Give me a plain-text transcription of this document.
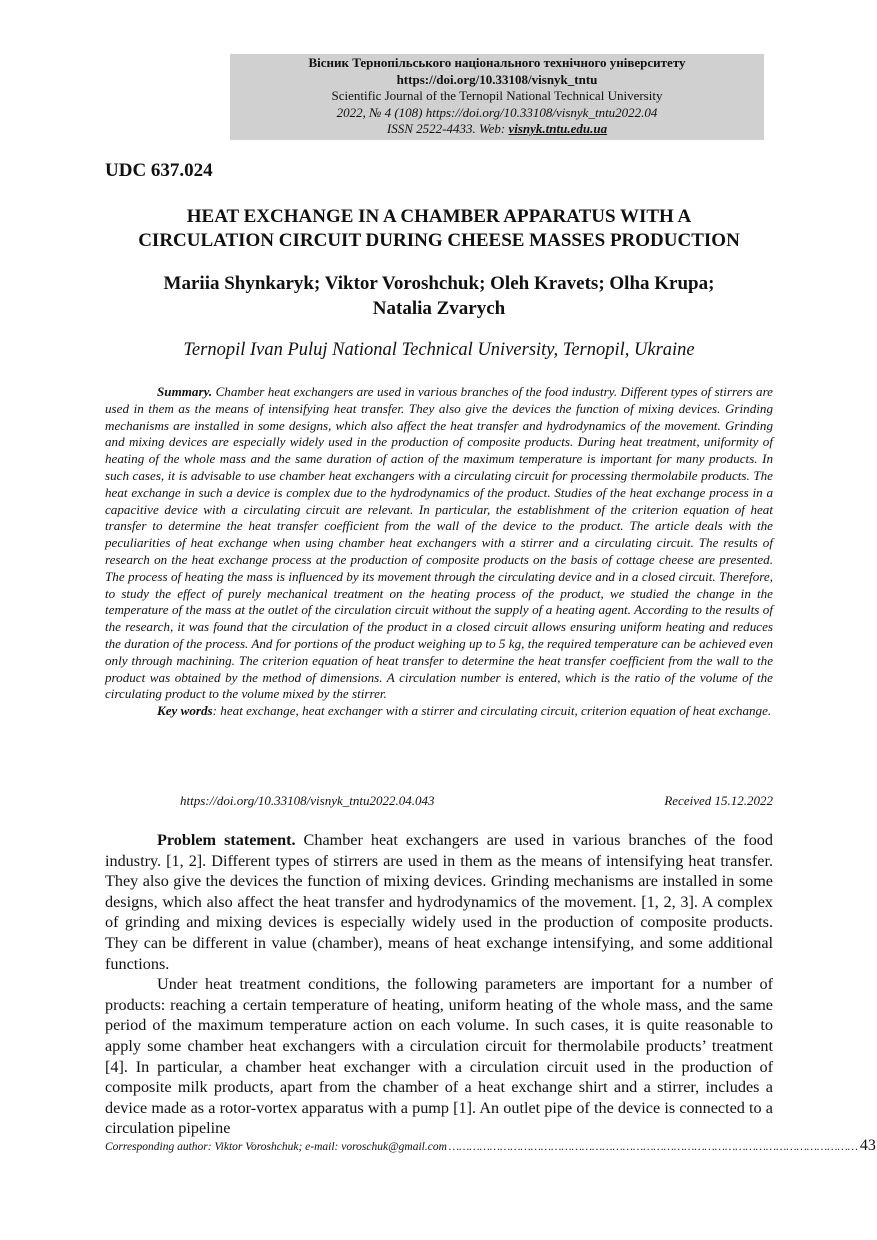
Вісник Тернопільського національного технічного університету
https://doi.org/10.33108/visnyk_tntu
Scientific Journal of the Ternopil National Technical University
2022, № 4 (108) https://doi.org/10.33108/visnyk_tntu2022.04
ISSN 2522-4433. Web: visnyk.tntu.edu.ua
UDC 637.024
HEAT EXCHANGE IN A CHAMBER APPARATUS WITH A
CIRCULATION CIRCUIT DURING CHEESE MASSES PRODUCTION
Mariia Shynkaryk; Viktor Voroshchuk; Oleh Kravets; Olha Krupa;
Natalia Zvarych
Ternopil Ivan Puluj National Technical University, Ternopil, Ukraine

Summary. Chamber heat exchangers are used in various branches of the food industry. Different types of stirrers are used in them as the means of intensifying heat transfer. They also give the devices the function of mixing devices. Grinding mechanisms are installed in some designs, which also affect the heat transfer and hydrodynamics of the movement. Grinding and mixing devices are especially widely used in the production of composite products. During heat treatment, uniformity of heating of the whole mass and the same duration of action of the maximum temperature is important for many products. In such cases, it is advisable to use chamber heat exchangers with a circulating circuit for processing thermolabile products. The heat exchange in such a device is complex due to the hydrodynamics of the product. Studies of the heat exchange process in a capacitive device with a circulating circuit are relevant. In particular, the establishment of the criterion equation of heat transfer to determine the heat transfer coefficient from the wall of the device to the product. The article deals with the peculiarities of heat exchange when using chamber heat exchangers with a stirrer and a circulating circuit. The results of research on the heat exchange process at the production of composite products on the basis of cottage cheese are presented. The process of heating the mass is influenced by its movement through the circulating device and in a closed circuit. Therefore, to study the effect of purely mechanical treatment on the heating process of the product, we studied the change in the temperature of the mass at the outlet of the circulation circuit without the supply of a heating agent. According to the results of the research, it was found that the circulation of the product in a closed circuit allows ensuring uniform heating and reduces the duration of the process. And for portions of the product weighing up to 5 kg, the required temperature can be achieved even only through machining. The criterion equation of heat transfer to determine the heat transfer coefficient from the wall to the product was obtained by the method of dimensions. A circulation number is entered, which is the ratio of the volume of the circulating product to the volume mixed by the stirrer.

Key words: heat exchange, heat exchanger with a stirrer and circulating circuit, criterion equation of heat exchange.

https://doi.org/10.33108/visnyk_tntu2022.04.043	Received 15.12.2022

Problem statement. Chamber heat exchangers are used in various branches of the food industry. [1, 2]. Different types of stirrers are used in them as the means of intensifying heat transfer. They also give the devices the function of mixing devices. Grinding mechanisms are installed in some designs, which also affect the heat transfer and hydrodynamics of the movement. [1, 2, 3]. A complex of grinding and mixing devices is especially widely used in the production of composite products. They can be different in value (chamber), means of heat exchange intensifying, and some additional functions.

Under heat treatment conditions, the following parameters are important for a number of products: reaching a certain temperature of heating, uniform heating of the whole mass, and the same period of the maximum temperature action on each volume. In such cases, it is quite reasonable to apply some chamber heat exchangers with a circulation circuit for thermolabile products’ treatment [4]. In particular, a chamber heat exchanger with a circulation circuit used in the production of composite milk products, apart from the chamber of a heat exchange shirt and a stirrer, includes a device made as a rotor-vortex apparatus with a pump [1]. An outlet pipe of the device is connected to a circulation pipeline

Corresponding author: Viktor Voroshchuk; e-mail: voroschuk@gmail.com ………………………………………………………………………………………………………… 43
